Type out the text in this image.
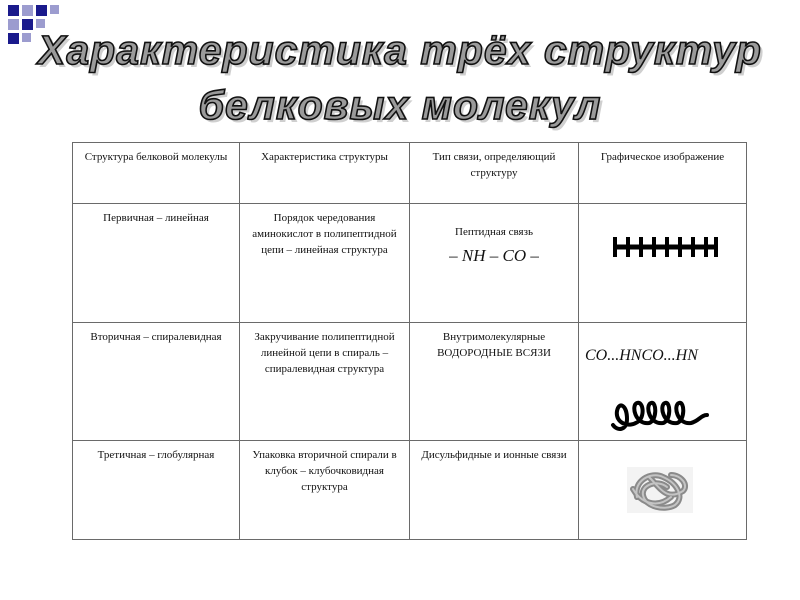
Характеристика трёх структур
белковых молекул
Структура белковой молекулы	Характеристика структуры	Тип связи, определяющий структуру	Графическое изображение

Первичная – линейная	Порядок чередования аминокислот в полипептидной цепи – линейная структура	Пептидная связь
– NH – CO –

Вторичная – спиралевидная	Закручивание полипептидной линейной цепи в спираль – спиралевидная структура	Внутримолекулярные ВОДОРОДНЫЕ ВСЯЗИ	CO...HNCO...HN

Третичная – глобулярная	Упаковка вторичной спирали в клубок – клубочковидная структура	Дисульфидные и ионные связи
